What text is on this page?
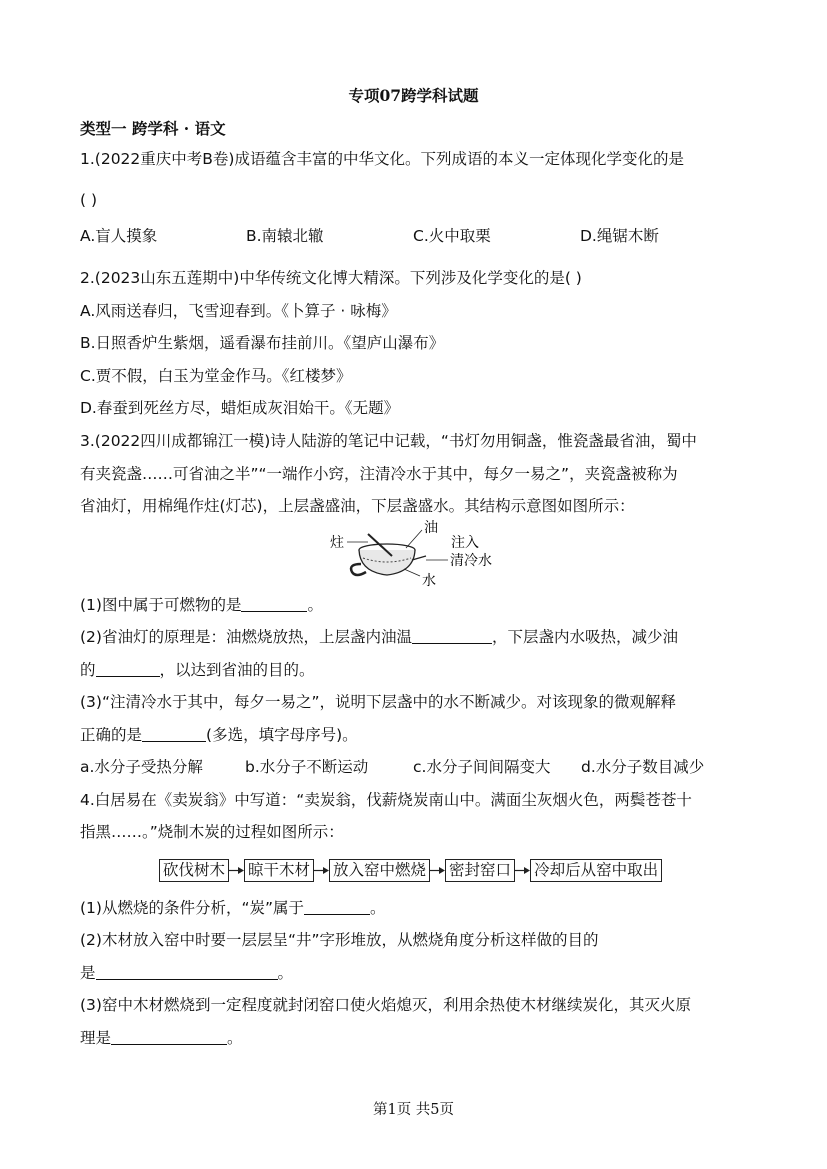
专项07跨学科试题
类型一 跨学科 · 语文
1.(2022重庆中考B卷)成语蕴含丰富的中华文化。下列成语的本义一定体现化学变化的是
( )
A.盲人摸象	B.南辕北辙	C.火中取栗	D.绳锯木断
2.(2023山东五莲期中)中华传统文化博大精深。下列涉及化学变化的是( )
A.风雨送春归，飞雪迎春到。《卜算子 · 咏梅》
B.日照香炉生紫烟，遥看瀑布挂前川。《望庐山瀑布》
C.贾不假，白玉为堂金作马。《红楼梦》
D.春蚕到死丝方尽，蜡炬成灰泪始干。《无题》
3.(2022四川成都锦江一模)诗人陆游的笔记中记载，“书灯勿用铜盏，惟瓷盏最省油，蜀中
有夹瓷盏……可省油之半”“一端作小窍，注清冷水于其中，每夕一易之”，夹瓷盏被称为
省油灯，用棉绳作炷(灯芯)，上层盏盛油，下层盏盛水。其结构示意图如图所示：
炷
油
注入
清冷水
水
(1)图中属于可燃物的是	。
(2)省油灯的原理是：油燃烧放热，上层盏内油温	，下层盏内水吸热，减少油
的	，以达到省油的目的。
(3)“注清冷水于其中，每夕一易之”，说明下层盏中的水不断减少。对该现象的微观解释
正确的是	(多选，填字母序号)。
a.水分子受热分解	b.水分子不断运动	c.水分子间间隔变大 d.水分子数目减少
4.白居易在《卖炭翁》中写道：“卖炭翁，伐薪烧炭南山中。满面尘灰烟火色，两鬓苍苍十
指黑……。”烧制木炭的过程如图所示：
砍伐树木 晾干木材 放入窑中燃烧 密封窑口 冷却后从窑中取出
(1)从燃烧的条件分析，“炭”属于	。
(2)木材放入窑中时要一层层呈“井”字形堆放，从燃烧角度分析这样做的目的
是	。
(3)窑中木材燃烧到一定程度就封闭窑口使火焰熄灭，利用余热使木材继续炭化，其灭火原
理是	。
第1页 共5页
